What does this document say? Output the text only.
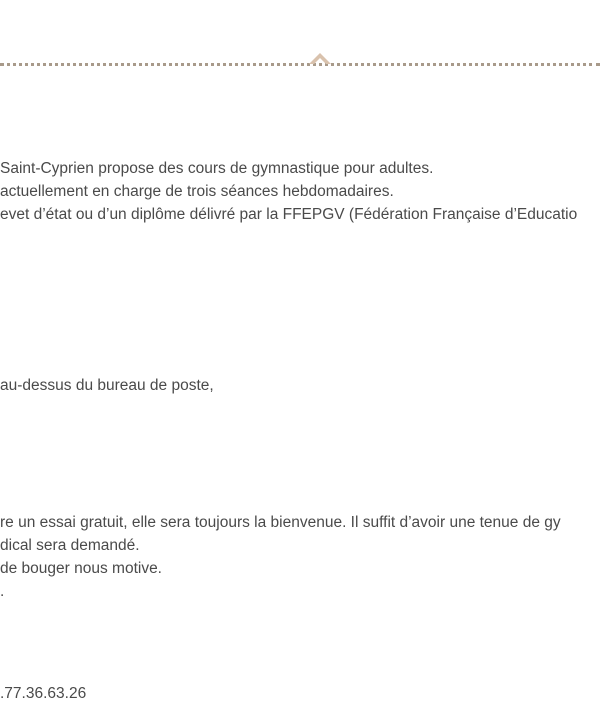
Saint-Cyprien propose des cours de gymnastique pour adultes.
actuellement en charge de trois séances hebdomadaires.
evet d’état ou d’un diplôme délivré par la FFEPGV (Fédération Française d’Educatio
au-dessus du bureau de poste,
re un essai gratuit, elle sera toujours la bienvenue. Il suffit d’avoir une tenue de gy
dical sera demandé.
de bouger nous motive.
.
.77.36.63.26
